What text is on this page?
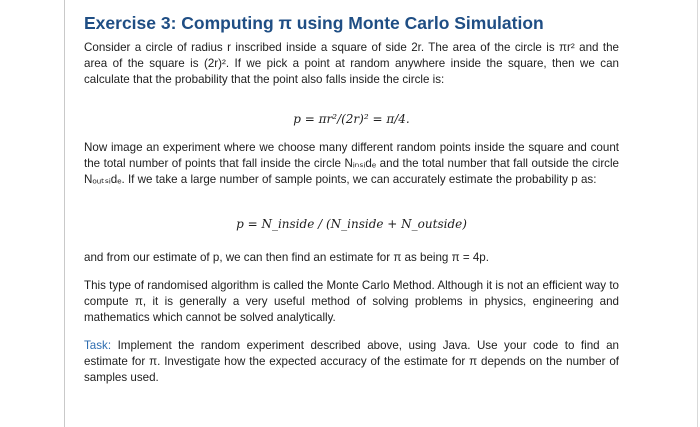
Exercise 3: Computing π using Monte Carlo Simulation

Consider a circle of radius r inscribed inside a square of side 2r. The area of the circle is πr² and the area of the square is (2r)². If we pick a point at random anywhere inside the square, then we can calculate that the probability that the point also falls inside the circle is:

p = πr²/(2r)² = π/4.

Now image an experiment where we choose many different random points inside the square and count the total number of points that fall inside the circle Nᵢₙₛᵢdₑ and the total number that fall outside the circle Nₒᵤₜₛᵢdₑ. If we take a large number of sample points, we can accurately estimate the probability p as:

p = N_inside / (N_inside + N_outside)

and from our estimate of p, we can then find an estimate for π as being π = 4p.

This type of randomised algorithm is called the Monte Carlo Method. Although it is not an efficient way to compute π, it is generally a very useful method of solving problems in physics, engineering and mathematics which cannot be solved analytically.

Task: Implement the random experiment described above, using Java. Use your code to find an estimate for π. Investigate how the expected accuracy of the estimate for π depends on the number of samples used.
